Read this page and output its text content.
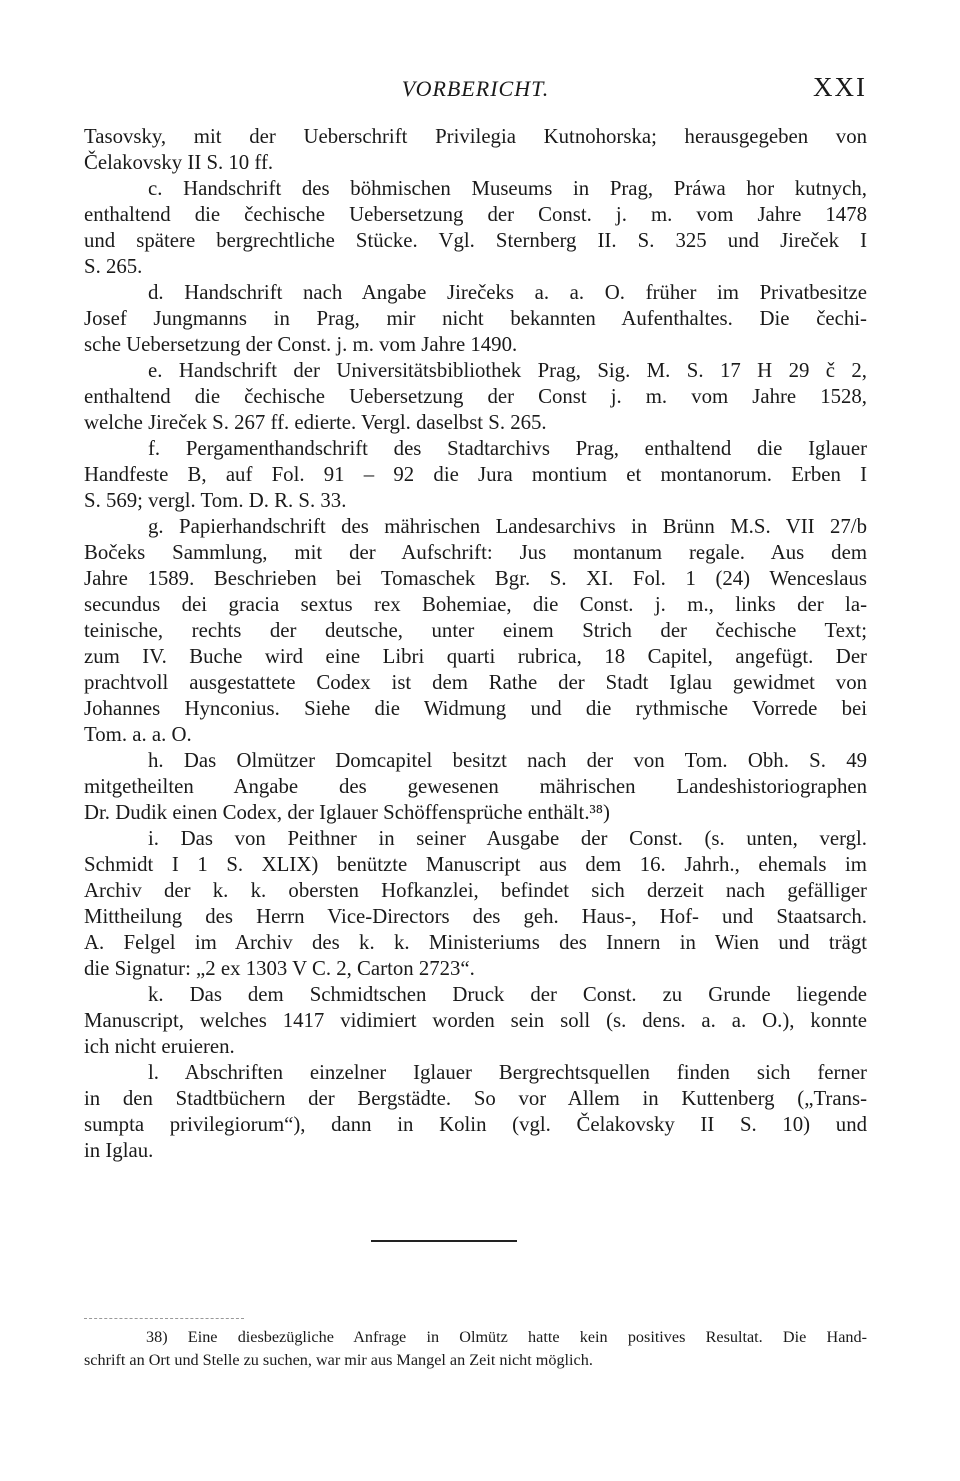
VORBERICHT.	XXI
Tasovsky, mit der Ueberschrift Privilegia Kutnohorska; herausgegeben von
Čelakovsky II S. 10 ff.
c. Handschrift des böhmischen Museums in Prag, Práwa hor kutnych,
enthaltend die čechische Uebersetzung der Const. j. m. vom Jahre 1478
und spätere bergrechtliche Stücke. Vgl. Sternberg II. S. 325 und Jireček I
S. 265.
d. Handschrift nach Angabe Jirečeks a. a. O. früher im Privatbesitze
Josef Jungmanns in Prag, mir nicht bekannten Aufenthaltes. Die čechi-
sche Uebersetzung der Const. j. m. vom Jahre 1490.
e. Handschrift der Universitätsbibliothek Prag, Sig. M. S. 17 H 29 č 2,
enthaltend die čechische Uebersetzung der Const j. m. vom Jahre 1528,
welche Jireček S. 267 ff. edierte. Vergl. daselbst S. 265.
f. Pergamenthandschrift des Stadtarchivs Prag, enthaltend die Iglauer
Handfeste B, auf Fol. 91 – 92 die Jura montium et montanorum. Erben I
S. 569; vergl. Tom. D. R. S. 33.
g. Papierhandschrift des mährischen Landesarchivs in Brünn M.S. VII 27/b
Bočeks Sammlung, mit der Aufschrift: Jus montanum regale. Aus dem
Jahre 1589. Beschrieben bei Tomaschek Bgr. S. XI. Fol. 1 (24) Wenceslaus
secundus dei gracia sextus rex Bohemiae, die Const. j. m., links der la-
teinische, rechts der deutsche, unter einem Strich der čechische Text;
zum IV. Buche wird eine Libri quarti rubrica, 18 Capitel, angefügt. Der
prachtvoll ausgestattete Codex ist dem Rathe der Stadt Iglau gewidmet von
Johannes Hynconius. Siehe die Widmung und die rythmische Vorrede bei
Tom. a. a. O.
h. Das Olmützer Domcapitel besitzt nach der von Tom. Obh. S. 49
mitgetheilten Angabe des gewesenen mährischen Landeshistoriographen
Dr. Dudik einen Codex, der Iglauer Schöffensprüche enthält.³⁸)
i. Das von Peithner in seiner Ausgabe der Const. (s. unten, vergl.
Schmidt I 1 S. XLIX) benützte Manuscript aus dem 16. Jahrh., ehemals im
Archiv der k. k. obersten Hofkanzlei, befindet sich derzeit nach gefälliger
Mittheilung des Herrn Vice-Directors des geh. Haus-, Hof- und Staatsarch.
A. Felgel im Archiv des k. k. Ministeriums des Innern in Wien und trägt
die Signatur: „2 ex 1303 V C. 2, Carton 2723“.
k. Das dem Schmidtschen Druck der Const. zu Grunde liegende
Manuscript, welches 1417 vidimiert worden sein soll (s. dens. a. a. O.), konnte
ich nicht eruieren.
l. Abschriften einzelner Iglauer Bergrechtsquellen finden sich ferner
in den Stadtbüchern der Bergstädte. So vor Allem in Kuttenberg („Trans-
sumpta privilegiorum“), dann in Kolin (vgl. Čelakovsky II S. 10) und
in Iglau.
38) Eine diesbezügliche Anfrage in Olmütz hatte kein positives Resultat. Die Hand-
schrift an Ort und Stelle zu suchen, war mir aus Mangel an Zeit nicht möglich.
